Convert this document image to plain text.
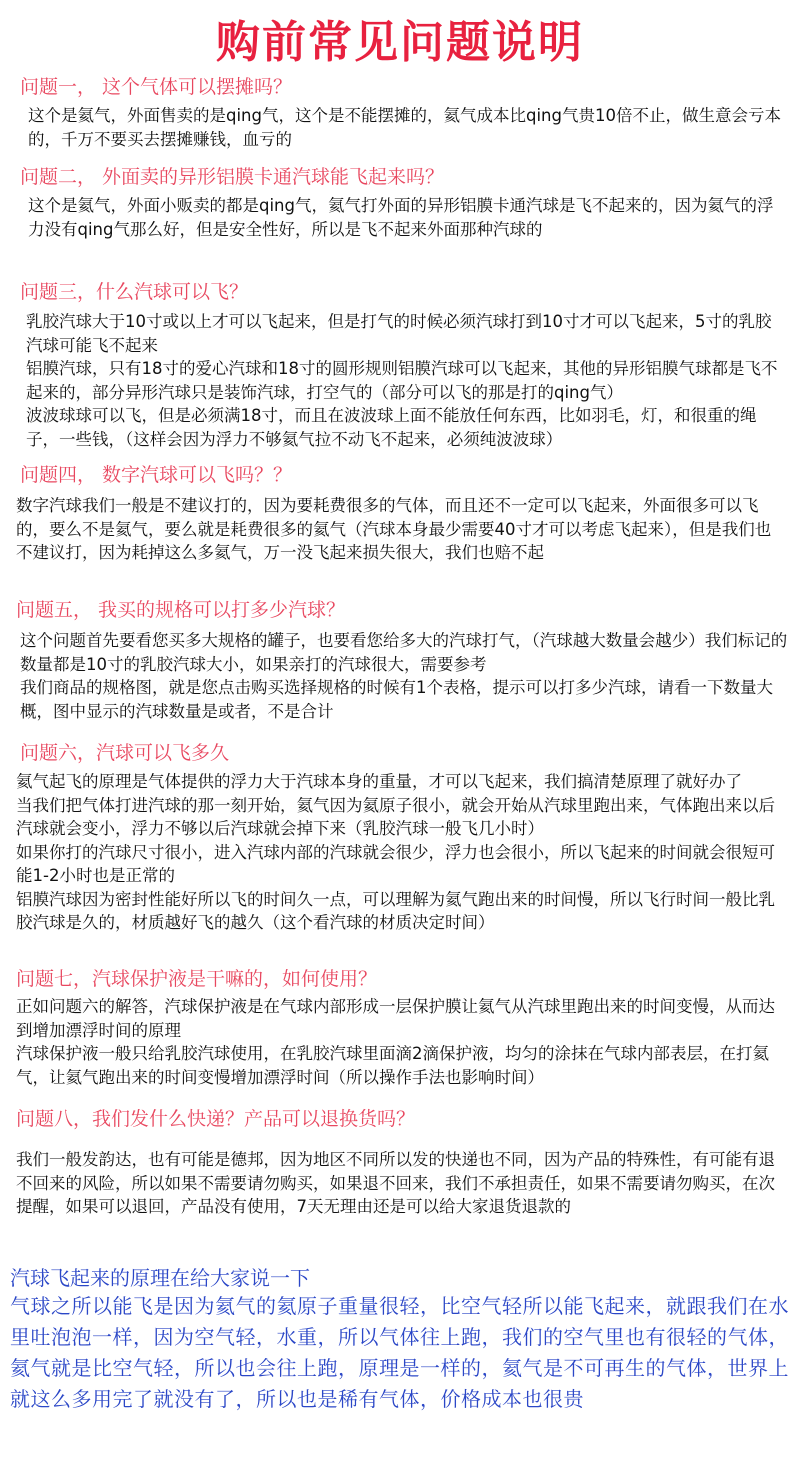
购前常见问题说明
问题一， 这个气体可以摆摊吗？
这个是氦气，外面售卖的是qing气，这个是不能摆摊的，氦气成本比qing气贵10倍不止，做生意会亏本的，千万不要买去摆摊赚钱，血亏的
问题二， 外面卖的异形铝膜卡通汽球能飞起来吗？
这个是氦气，外面小贩卖的都是qing气，氦气打外面的异形铝膜卡通汽球是飞不起来的，因为氦气的浮力没有qing气那么好，但是安全性好，所以是飞不起来外面那种汽球的
问题三，什么汽球可以飞？
乳胶汽球大于10寸或以上才可以飞起来，但是打气的时候必须汽球打到10寸才可以飞起来，5寸的乳胶汽球可能飞不起来
铝膜汽球，只有18寸的爱心汽球和18寸的圆形规则铝膜汽球可以飞起来，其他的异形铝膜气球都是飞不起来的，部分异形汽球只是装饰汽球，打空气的（部分可以飞的那是打的qing气）
波波球球可以飞，但是必须满18寸，而且在波波球上面不能放任何东西，比如羽毛，灯，和很重的绳子，一些钱，（这样会因为浮力不够氦气拉不动飞不起来，必须纯波波球）
问题四， 数字汽球可以飞吗？？
数字汽球我们一般是不建议打的，因为要耗费很多的气体，而且还不一定可以飞起来，外面很多可以飞的，要么不是氦气，要么就是耗费很多的氦气（汽球本身最少需要40寸才可以考虑飞起来），但是我们也不建议打，因为耗掉这么多氦气，万一没飞起来损失很大，我们也赔不起
问题五， 我买的规格可以打多少汽球？
这个问题首先要看您买多大规格的罐子，也要看您给多大的汽球打气，（汽球越大数量会越少）我们标记的数量都是10寸的乳胶汽球大小，如果亲打的汽球很大，需要参考
我们商品的规格图，就是您点击购买选择规格的时候有1个表格，提示可以打多少汽球，请看一下数量大概，图中显示的汽球数量是或者，不是合计
问题六，汽球可以飞多久
氦气起飞的原理是气体提供的浮力大于汽球本身的重量，才可以飞起来，我们搞清楚原理了就好办了
当我们把气体打进汽球的那一刻开始，氦气因为氦原子很小，就会开始从汽球里跑出来，气体跑出来以后汽球就会变小，浮力不够以后汽球就会掉下来（乳胶汽球一般飞几小时）
如果你打的汽球尺寸很小，进入汽球内部的汽球就会很少，浮力也会很小，所以飞起来的时间就会很短可能1-2小时也是正常的
铝膜汽球因为密封性能好所以飞的时间久一点，可以理解为氦气跑出来的时间慢，所以飞行时间一般比乳胶汽球是久的，材质越好飞的越久（这个看汽球的材质决定时间）
问题七，汽球保护液是干嘛的，如何使用？
正如问题六的解答，汽球保护液是在气球内部形成一层保护膜让氦气从汽球里跑出来的时间变慢，从而达到增加漂浮时间的原理
汽球保护液一般只给乳胶汽球使用，在乳胶汽球里面滴2滴保护液，均匀的涂抹在气球内部表层，在打氦气，让氦气跑出来的时间变慢增加漂浮时间（所以操作手法也影响时间）
问题八，我们发什么快递？产品可以退换货吗？
我们一般发韵达，也有可能是德邦，因为地区不同所以发的快递也不同，因为产品的特殊性，有可能有退不回来的风险，所以如果不需要请勿购买，如果退不回来，我们不承担责任，如果不需要请勿购买，在次提醒，如果可以退回，产品没有使用，7天无理由还是可以给大家退货退款的
汽球飞起来的原理在给大家说一下
气球之所以能飞是因为氦气的氦原子重量很轻，比空气轻所以能飞起来，就跟我们在水里吐泡泡一样，因为空气轻，水重，所以气体往上跑，我们的空气里也有很轻的气体，氦气就是比空气轻，所以也会往上跑，原理是一样的，氦气是不可再生的气体，世界上就这么多用完了就没有了，所以也是稀有气体，价格成本也很贵
